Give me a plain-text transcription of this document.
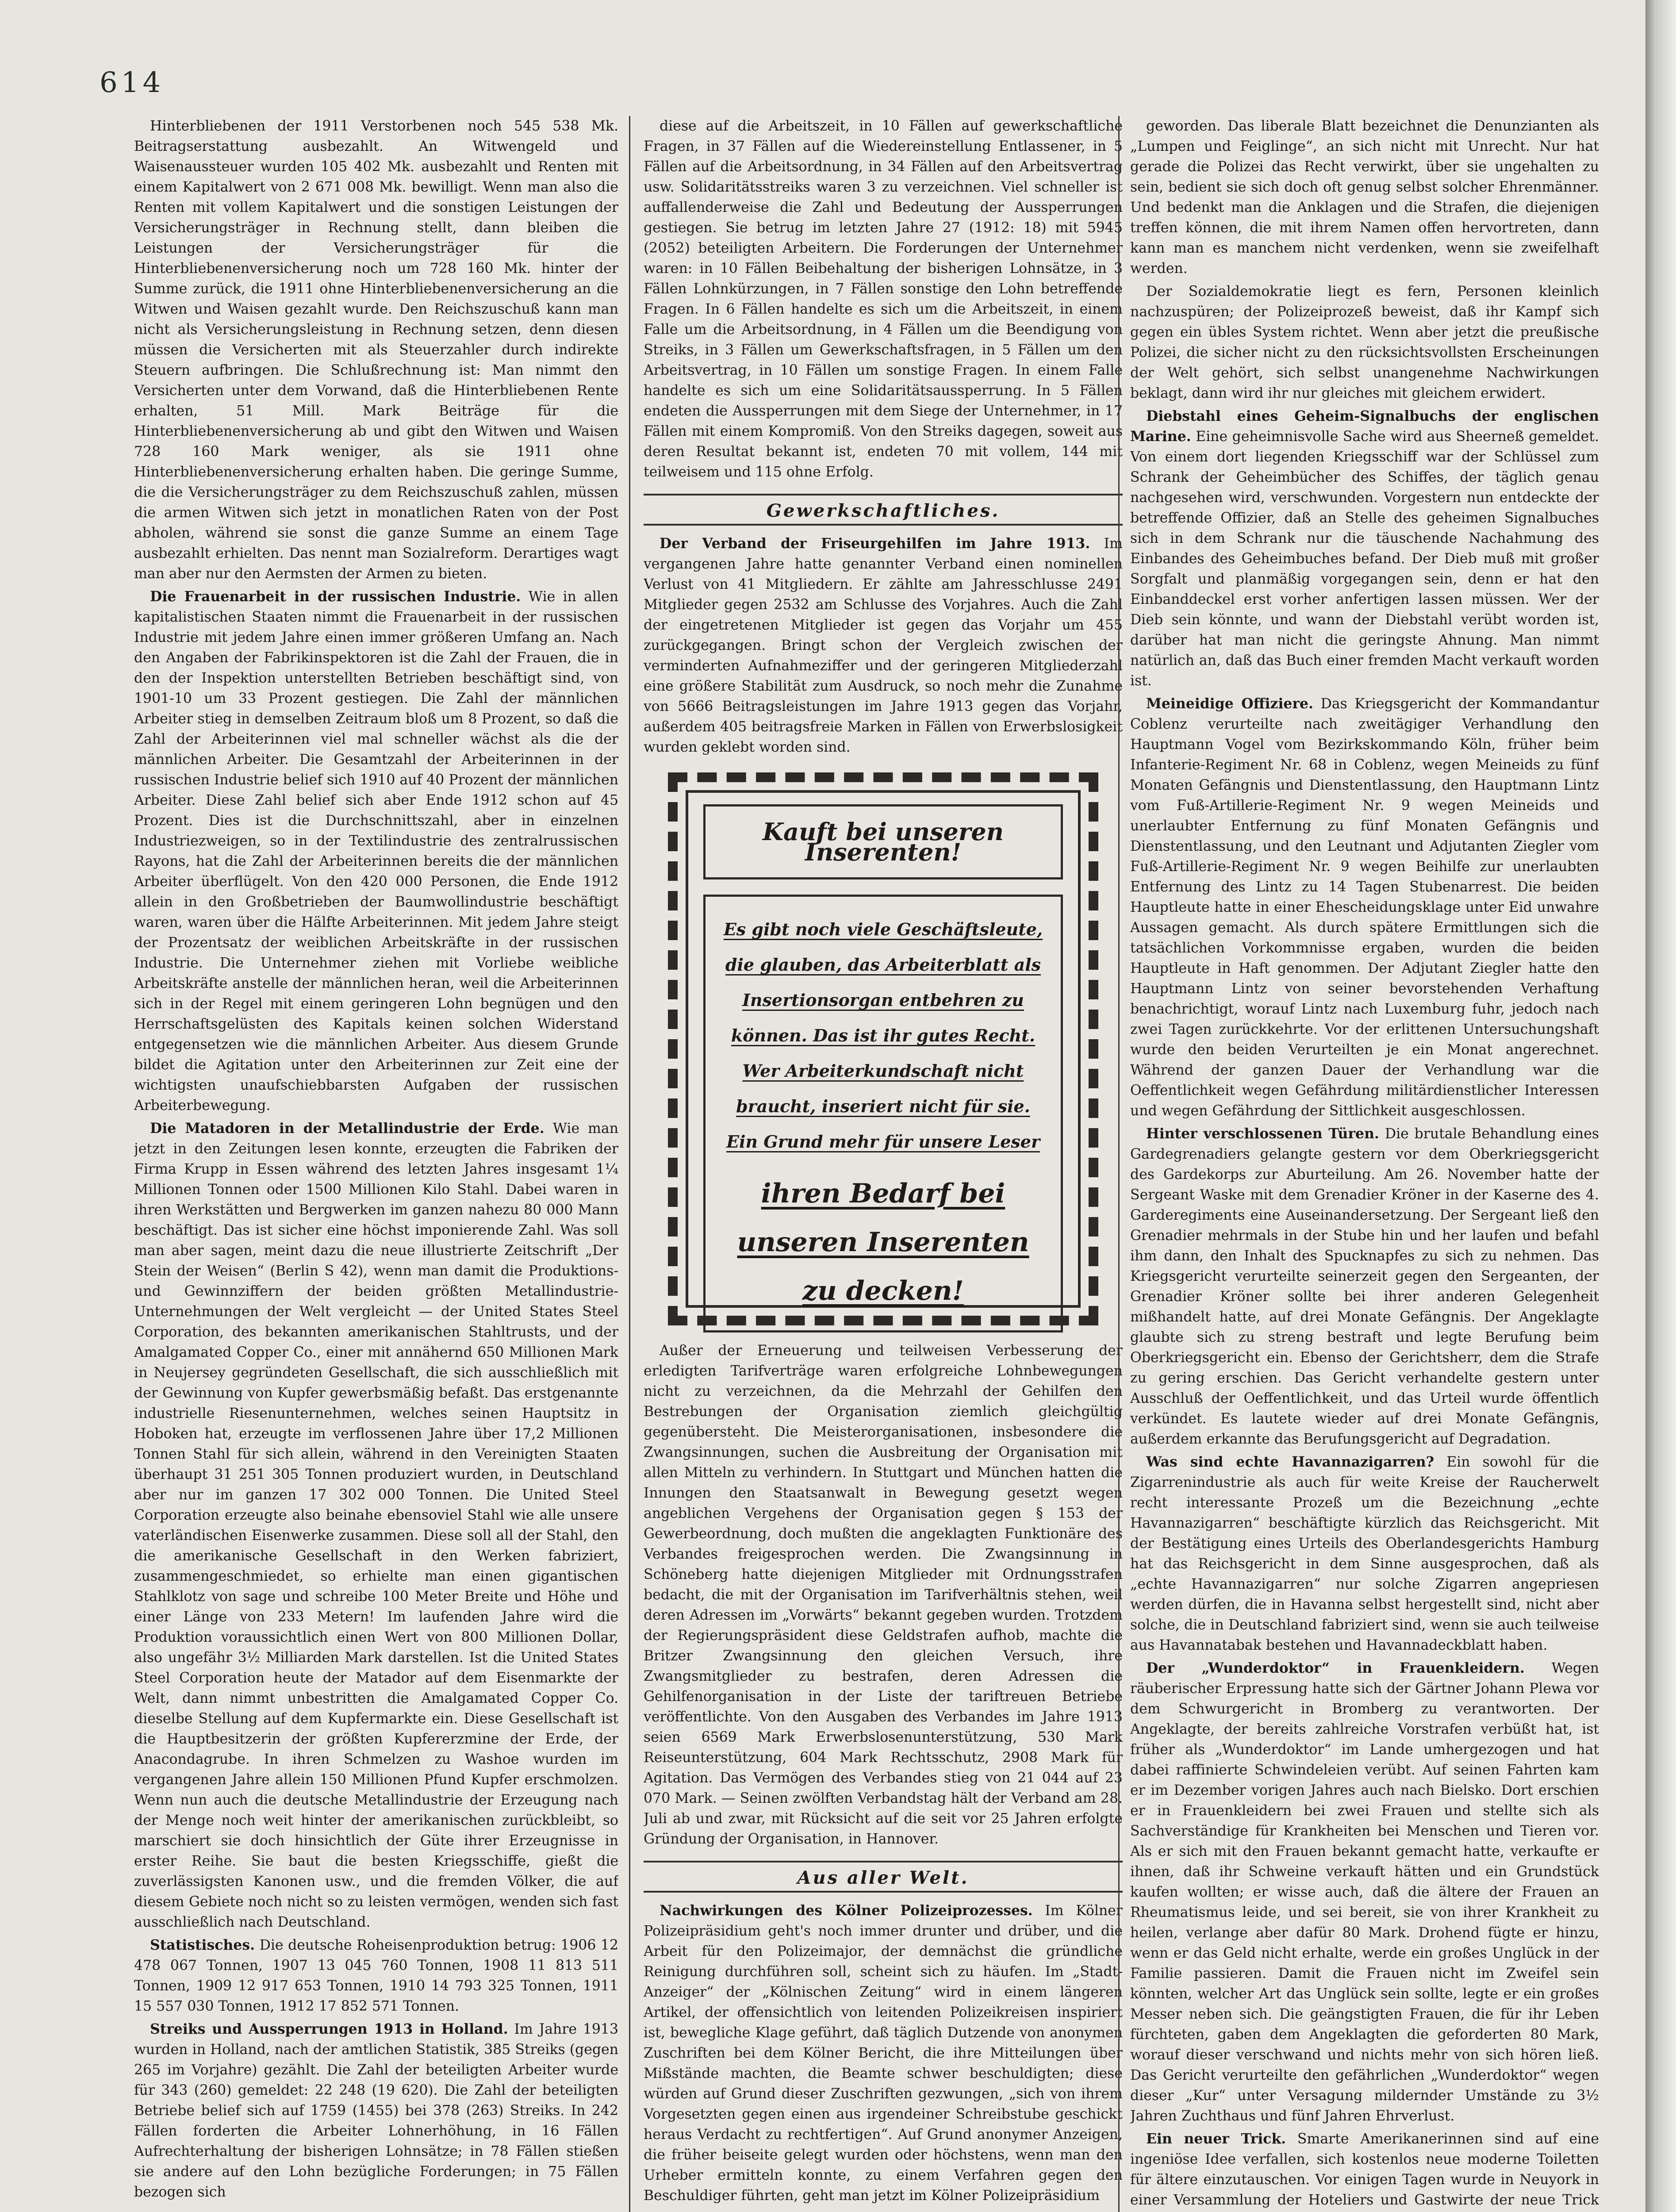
614

Hinterbliebenen der 1911 Verstorbenen noch 545 538 Mk. Beitragserstattung ausbezahlt. An Witwengeld und Waisenaussteuer wurden 105 402 Mk. ausbezahlt und Renten mit einem Kapitalwert von 2 671 008 Mk. bewilligt. Wenn man also die Renten mit vollem Kapitalwert und die sonstigen Leistungen der Versicherungsträger in Rechnung stellt, dann bleiben die Leistungen der Versicherungsträger für die Hinterbliebenenversicherung noch um 728 160 Mk. hinter der Summe zurück, die 1911 ohne Hinterbliebenenversicherung an die Witwen und Waisen gezahlt wurde. Den Reichszuschuß kann man nicht als Versicherungsleistung in Rechnung setzen, denn diesen müssen die Versicherten mit als Steuerzahler durch indirekte Steuern aufbringen. Die Schlußrechnung ist: Man nimmt den Versicherten unter dem Vorwand, daß die Hinterbliebenen Rente erhalten, 51 Mill. Mark Beiträge für die Hinterbliebenenversicherung ab und gibt den Witwen und Waisen 728 160 Mark weniger, als sie 1911 ohne Hinterbliebenenversicherung erhalten haben. Die geringe Summe, die die Versicherungsträger zu dem Reichszuschuß zahlen, müssen die armen Witwen sich jetzt in monatlichen Raten von der Post abholen, während sie sonst die ganze Summe an einem Tage ausbezahlt erhielten. Das nennt man Sozialreform. Derartiges wagt man aber nur den Aermsten der Armen zu bieten.

Die Frauenarbeit in der russischen Industrie. Wie in allen kapitalistischen Staaten nimmt die Frauenarbeit in der russischen Industrie mit jedem Jahre einen immer größeren Umfang an. Nach den Angaben der Fabrikinspektoren ist die Zahl der Frauen, die in den der Inspektion unterstellten Betrieben beschäftigt sind, von 1901-10 um 33 Prozent gestiegen. Die Zahl der männlichen Arbeiter stieg in demselben Zeitraum bloß um 8 Prozent, so daß die Zahl der Arbeiterinnen viel mal schneller wächst als die der männlichen Arbeiter. Die Gesamtzahl der Arbeiterinnen in der russischen Industrie belief sich 1910 auf 40 Prozent der männlichen Arbeiter. Diese Zahl belief sich aber Ende 1912 schon auf 45 Prozent. Dies ist die Durchschnittszahl, aber in einzelnen Industriezweigen, so in der Textilindustrie des zentralrussischen Rayons, hat die Zahl der Arbeiterinnen bereits die der männlichen Arbeiter überflügelt. Von den 420 000 Personen, die Ende 1912 allein in den Großbetrieben der Baumwollindustrie beschäftigt waren, waren über die Hälfte Arbeiterinnen. Mit jedem Jahre steigt der Prozentsatz der weiblichen Arbeitskräfte in der russischen Industrie. Die Unternehmer ziehen mit Vorliebe weibliche Arbeitskräfte anstelle der männlichen heran, weil die Arbeiterinnen sich in der Regel mit einem geringeren Lohn begnügen und den Herrschaftsgelüsten des Kapitals keinen solchen Widerstand entgegensetzen wie die männlichen Arbeiter. Aus diesem Grunde bildet die Agitation unter den Arbeiterinnen zur Zeit eine der wichtigsten unaufschiebbarsten Aufgaben der russischen Arbeiterbewegung.

Die Matadoren in der Metallindustrie der Erde. Wie man jetzt in den Zeitungen lesen konnte, erzeugten die Fabriken der Firma Krupp in Essen während des letzten Jahres insgesamt 1¼ Millionen Tonnen oder 1500 Millionen Kilo Stahl. Dabei waren in ihren Werkstätten und Bergwerken im ganzen nahezu 80 000 Mann beschäftigt. Das ist sicher eine höchst imponierende Zahl. Was soll man aber sagen, meint dazu die neue illustrierte Zeitschrift „Der Stein der Weisen“ (Berlin S 42), wenn man damit die Produktions- und Gewinnziffern der beiden größten Metallindustrie-Unternehmungen der Welt vergleicht — der United States Steel Corporation, des bekannten amerikanischen Stahltrusts, und der Amalgamated Copper Co., einer mit annähernd 650 Millionen Mark in Neujersey gegründeten Gesellschaft, die sich ausschließlich mit der Gewinnung von Kupfer gewerbsmäßig befaßt. Das erstgenannte industrielle Riesenunternehmen, welches seinen Hauptsitz in Hoboken hat, erzeugte im verflossenen Jahre über 17,2 Millionen Tonnen Stahl für sich allein, während in den Vereinigten Staaten überhaupt 31 251 305 Tonnen produziert wurden, in Deutschland aber nur im ganzen 17 302 000 Tonnen. Die United Steel Corporation erzeugte also beinahe ebensoviel Stahl wie alle unsere vaterländischen Eisenwerke zusammen. Diese soll all der Stahl, den die amerikanische Gesellschaft in den Werken fabriziert, zusammengeschmiedet, so erhielte man einen gigantischen Stahlklotz von sage und schreibe 100 Meter Breite und Höhe und einer Länge von 233 Metern! Im laufenden Jahre wird die Produktion voraussichtlich einen Wert von 800 Millionen Dollar, also ungefähr 3½ Milliarden Mark darstellen. Ist die United States Steel Corporation heute der Matador auf dem Eisenmarkte der Welt, dann nimmt unbestritten die Amalgamated Copper Co. dieselbe Stellung auf dem Kupfermarkte ein. Diese Gesellschaft ist die Hauptbesitzerin der größten Kupfererzmine der Erde, der Anacondagrube. In ihren Schmelzen zu Washoe wurden im vergangenen Jahre allein 150 Millionen Pfund Kupfer erschmolzen. Wenn nun auch die deutsche Metallindustrie der Erzeugung nach der Menge noch weit hinter der amerikanischen zurückbleibt, so marschiert sie doch hinsichtlich der Güte ihrer Erzeugnisse in erster Reihe. Sie baut die besten Kriegsschiffe, gießt die zuverlässigsten Kanonen usw., und die fremden Völker, die auf diesem Gebiete noch nicht so zu leisten vermögen, wenden sich fast ausschließlich nach Deutschland.

Statistisches. Die deutsche Roheisenproduktion betrug: 1906 12 478 067 Tonnen, 1907 13 045 760 Tonnen, 1908 11 813 511 Tonnen, 1909 12 917 653 Tonnen, 1910 14 793 325 Tonnen, 1911 15 557 030 Tonnen, 1912 17 852 571 Tonnen.

Streiks und Aussperrungen 1913 in Holland. Im Jahre 1913 wurden in Holland, nach der amtlichen Statistik, 385 Streiks (gegen 265 im Vorjahre) gezählt. Die Zahl der beteiligten Arbeiter wurde für 343 (260) gemeldet: 22 248 (19 620). Die Zahl der beteiligten Betriebe belief sich auf 1759 (1455) bei 378 (263) Streiks. In 242 Fällen forderten die Arbeiter Lohnerhöhung, in 16 Fällen Aufrechterhaltung der bisherigen Lohnsätze; in 78 Fällen stießen sie andere auf den Lohn bezügliche Forderungen; in 75 Fällen bezogen sich

diese auf die Arbeitszeit, in 10 Fällen auf gewerkschaftliche Fragen, in 37 Fällen auf die Wiedereinstellung Entlassener, in 5 Fällen auf die Arbeitsordnung, in 34 Fällen auf den Arbeitsvertrag usw. Solidaritätsstreiks waren 3 zu verzeichnen. Viel schneller ist auffallenderweise die Zahl und Bedeutung der Aussperrungen gestiegen. Sie betrug im letzten Jahre 27 (1912: 18) mit 5945 (2052) beteiligten Arbeitern. Die Forderungen der Unternehmer waren: in 10 Fällen Beibehaltung der bisherigen Lohnsätze, in 3 Fällen Lohnkürzungen, in 7 Fällen sonstige den Lohn betreffende Fragen. In 6 Fällen handelte es sich um die Arbeitszeit, in einem Falle um die Arbeitsordnung, in 4 Fällen um die Beendigung von Streiks, in 3 Fällen um Gewerkschaftsfragen, in 5 Fällen um den Arbeitsvertrag, in 10 Fällen um sonstige Fragen. In einem Falle handelte es sich um eine Solidaritätsaussperrung. In 5 Fällen endeten die Aussperrungen mit dem Siege der Unternehmer, in 17 Fällen mit einem Kompromiß. Von den Streiks dagegen, soweit aus deren Resultat bekannt ist, endeten 70 mit vollem, 144 mit teilweisem und 115 ohne Erfolg.

Gewerkschaftliches.

Der Verband der Friseurgehilfen im Jahre 1913. Im vergangenen Jahre hatte genannter Verband einen nominellen Verlust von 41 Mitgliedern. Er zählte am Jahresschlusse 2491 Mitglieder gegen 2532 am Schlusse des Vorjahres. Auch die Zahl der eingetretenen Mitglieder ist gegen das Vorjahr um 455 zurückgegangen. Bringt schon der Vergleich zwischen der verminderten Aufnahmeziffer und der geringeren Mitgliederzahl eine größere Stabilität zum Ausdruck, so noch mehr die Zunahme von 5666 Beitragsleistungen im Jahre 1913 gegen das Vorjahr, außerdem 405 beitragsfreie Marken in Fällen von Erwerbslosigkeit wurden geklebt worden sind.

Kauft bei unseren Inserenten!
Es gibt noch viele Geschäftsleute, die glauben, das Arbeiterblatt als Insertionsorgan entbehren zu können. Das ist ihr gutes Recht. Wer Arbeiterkundschaft nicht braucht, inseriert nicht für sie. Ein Grund mehr für unsere Leser
ihren Bedarf bei unseren Inserenten zu decken!

Außer der Erneuerung und teilweisen Verbesserung der erledigten Tarifverträge waren erfolgreiche Lohnbewegungen nicht zu verzeichnen, da die Mehrzahl der Gehilfen den Bestrebungen der Organisation ziemlich gleichgültig gegenübersteht. Die Meisterorganisationen, insbesondere die Zwangsinnungen, suchen die Ausbreitung der Organisation mit allen Mitteln zu verhindern. In Stuttgart und München hatten die Innungen den Staatsanwalt in Bewegung gesetzt wegen angeblichen Vergehens der Organisation gegen § 153 der Gewerbeordnung, doch mußten die angeklagten Funktionäre des Verbandes freigesprochen werden. Die Zwangsinnung in Schöneberg hatte diejenigen Mitglieder mit Ordnungsstrafen bedacht, die mit der Organisation im Tarifverhältnis stehen, weil deren Adressen im „Vorwärts“ bekannt gegeben wurden. Trotzdem der Regierungspräsident diese Geldstrafen aufhob, machte die Britzer Zwangsinnung den gleichen Versuch, ihre Zwangsmitglieder zu bestrafen, deren Adressen die Gehilfenorganisation in der Liste der tariftreuen Betriebe veröffentlichte. Von den Ausgaben des Verbandes im Jahre 1913 seien 6569 Mark Erwerbslosenunterstützung, 530 Mark Reiseunterstützung, 604 Mark Rechtsschutz, 2908 Mark für Agitation. Das Vermögen des Verbandes stieg von 21 044 auf 23 070 Mark. — Seinen zwölften Verbandstag hält der Verband am 28. Juli ab und zwar, mit Rücksicht auf die seit vor 25 Jahren erfolgte Gründung der Organisation, in Hannover.

Aus aller Welt.

Nachwirkungen des Kölner Polizeiprozesses. Im Kölner Polizeipräsidium geht's noch immer drunter und drüber, und die Arbeit für den Polizeimajor, der demnächst die gründliche Reinigung durchführen soll, scheint sich zu häufen. Im „Stadt-Anzeiger“ der „Kölnischen Zeitung“ wird in einem längeren Artikel, der offensichtlich von leitenden Polizeikreisen inspiriert ist, bewegliche Klage geführt, daß täglich Dutzende von anonymen Zuschriften bei dem Kölner Bericht, die ihre Mitteilungen über Mißstände machten, die Beamte schwer beschuldigten; diese würden auf Grund dieser Zuschriften gezwungen, „sich von ihrem Vorgesetzten gegen einen aus irgendeiner Schreibstube geschickt heraus Verdacht zu rechtfertigen“. Auf Grund anonymer Anzeigen, die früher beiseite gelegt wurden oder höchstens, wenn man den Urheber ermitteln konnte, zu einem Verfahren gegen den Beschuldiger führten, geht man jetzt im Kölner Polizeipräsidium

geworden. Das liberale Blatt bezeichnet die Denunzianten als „Lumpen und Feiglinge“, an sich nicht mit Unrecht. Nur hat gerade die Polizei das Recht verwirkt, über sie ungehalten zu sein, bedient sie sich doch oft genug selbst solcher Ehrenmänner. Und bedenkt man die Anklagen und die Strafen, die diejenigen treffen können, die mit ihrem Namen offen hervortreten, dann kann man es manchem nicht verdenken, wenn sie zweifelhaft werden.

Der Sozialdemokratie liegt es fern, Personen kleinlich nachzuspüren; der Polizeiprozeß beweist, daß ihr Kampf sich gegen ein übles System richtet. Wenn aber jetzt die preußische Polizei, die sicher nicht zu den rücksichtsvollsten Erscheinungen der Welt gehört, sich selbst unangenehme Nachwirkungen beklagt, dann wird ihr nur gleiches mit gleichem erwidert.

Diebstahl eines Geheim-Signalbuchs der englischen Marine. Eine geheimnisvolle Sache wird aus Sheerneß gemeldet. Von einem dort liegenden Kriegsschiff war der Schlüssel zum Schrank der Geheimbücher des Schiffes, der täglich genau nachgesehen wird, verschwunden. Vorgestern nun entdeckte der betreffende Offizier, daß an Stelle des geheimen Signalbuches sich in dem Schrank nur die täuschende Nachahmung des Einbandes des Geheimbuches befand. Der Dieb muß mit großer Sorgfalt und planmäßig vorgegangen sein, denn er hat den Einbanddeckel erst vorher anfertigen lassen müssen. Wer der Dieb sein könnte, und wann der Diebstahl verübt worden ist, darüber hat man nicht die geringste Ahnung. Man nimmt natürlich an, daß das Buch einer fremden Macht verkauft worden ist.

Meineidige Offiziere. Das Kriegsgericht der Kommandantur Coblenz verurteilte nach zweitägiger Verhandlung den Hauptmann Vogel vom Bezirkskommando Köln, früher beim Infanterie-Regiment Nr. 68 in Coblenz, wegen Meineids zu fünf Monaten Gefängnis und Dienstentlassung, den Hauptmann Lintz vom Fuß-Artillerie-Regiment Nr. 9 wegen Meineids und unerlaubter Entfernung zu fünf Monaten Gefängnis und Dienstentlassung, und den Leutnant und Adjutanten Ziegler vom Fuß-Artillerie-Regiment Nr. 9 wegen Beihilfe zur unerlaubten Entfernung des Lintz zu 14 Tagen Stubenarrest. Die beiden Hauptleute hatte in einer Ehescheidungsklage unter Eid unwahre Aussagen gemacht. Als durch spätere Ermittlungen sich die tatsächlichen Vorkommnisse ergaben, wurden die beiden Hauptleute in Haft genommen. Der Adjutant Ziegler hatte den Hauptmann Lintz von seiner bevorstehenden Verhaftung benachrichtigt, worauf Lintz nach Luxemburg fuhr, jedoch nach zwei Tagen zurückkehrte. Vor der erlittenen Untersuchungshaft wurde den beiden Verurteilten je ein Monat angerechnet. Während der ganzen Dauer der Verhandlung war die Oeffentlichkeit wegen Gefährdung militärdienstlicher Interessen und wegen Gefährdung der Sittlichkeit ausgeschlossen.

Hinter verschlossenen Türen. Die brutale Behandlung eines Gardegrenadiers gelangte gestern vor dem Oberkriegsgericht des Gardekorps zur Aburteilung. Am 26. November hatte der Sergeant Waske mit dem Grenadier Kröner in der Kaserne des 4. Garderegiments eine Auseinandersetzung. Der Sergeant ließ den Grenadier mehrmals in der Stube hin und her laufen und befahl ihm dann, den Inhalt des Spucknapfes zu sich zu nehmen. Das Kriegsgericht verurteilte seinerzeit gegen den Sergeanten, der Grenadier Kröner sollte bei ihrer anderen Gelegenheit mißhandelt hatte, auf drei Monate Gefängnis. Der Angeklagte glaubte sich zu streng bestraft und legte Berufung beim Oberkriegsgericht ein. Ebenso der Gerichtsherr, dem die Strafe zu gering erschien. Das Gericht verhandelte gestern unter Ausschluß der Oeffentlichkeit, und das Urteil wurde öffentlich verkündet. Es lautete wieder auf drei Monate Gefängnis, außerdem erkannte das Berufungsgericht auf Degradation.

Was sind echte Havannazigarren? Ein sowohl für die Zigarrenindustrie als auch für weite Kreise der Raucherwelt recht interessante Prozeß um die Bezeichnung „echte Havannazigarren“ beschäftigte kürzlich das Reichsgericht. Mit der Bestätigung eines Urteils des Oberlandesgerichts Hamburg hat das Reichsgericht in dem Sinne ausgesprochen, daß als „echte Havannazigarren“ nur solche Zigarren angepriesen werden dürfen, die in Havanna selbst hergestellt sind, nicht aber solche, die in Deutschland fabriziert sind, wenn sie auch teilweise aus Havannatabak bestehen und Havannadeckblatt haben.

Der „Wunderdoktor“ in Frauenkleidern. Wegen räuberischer Erpressung hatte sich der Gärtner Johann Plewa vor dem Schwurgericht in Bromberg zu verantworten. Der Angeklagte, der bereits zahlreiche Vorstrafen verbüßt hat, ist früher als „Wunderdoktor“ im Lande umhergezogen und hat dabei raffinierte Schwindeleien verübt. Auf seinen Fahrten kam er im Dezember vorigen Jahres auch nach Bielsko. Dort erschien er in Frauenkleidern bei zwei Frauen und stellte sich als Sachverständige für Krankheiten bei Menschen und Tieren vor. Als er sich mit den Frauen bekannt gemacht hatte, verkaufte er ihnen, daß ihr Schweine verkauft hätten und ein Grundstück kaufen wollten; er wisse auch, daß die ältere der Frauen an Rheumatismus leide, und sei bereit, sie von ihrer Krankheit zu heilen, verlange aber dafür 80 Mark. Drohend fügte er hinzu, wenn er das Geld nicht erhalte, werde ein großes Unglück in der Familie passieren. Damit die Frauen nicht im Zweifel sein könnten, welcher Art das Unglück sein sollte, legte er ein großes Messer neben sich. Die geängstigten Frauen, die für ihr Leben fürchteten, gaben dem Angeklagten die geforderten 80 Mark, worauf dieser verschwand und nichts mehr von sich hören ließ. Das Gericht verurteilte den gefährlichen „Wunderdoktor“ wegen dieser „Kur“ unter Versagung mildernder Umstände zu 3½ Jahren Zuchthaus und fünf Jahren Ehrverlust.

Ein neuer Trick. Smarte Amerikanerinnen sind auf eine ingeniöse Idee verfallen, sich kostenlos neue moderne Toiletten für ältere einzutauschen. Vor einigen Tagen wurde in Neuyork in einer Versammlung der Hoteliers und Gastwirte der neue Trick
